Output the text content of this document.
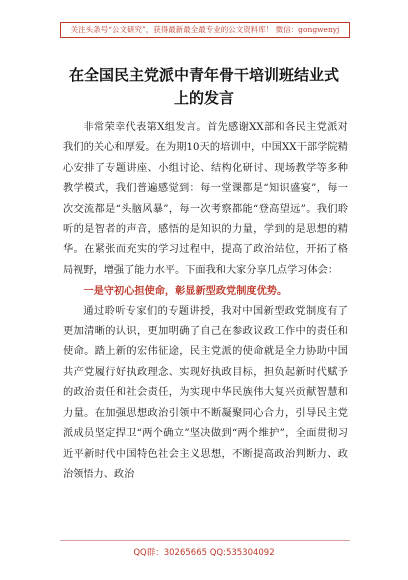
关注头条号“公文研究”，获得最新最全最专业的公文资料库！ 微信：gongwenyj
在全国民主党派中青年骨干培训班结业式
上的发言

非常荣幸代表第X组发言。首先感谢XX部和各民主党派对我们的关心和厚爱。在为期10天的培训中，中国XX干部学院精心安排了专题讲座、小组讨论、结构化研讨、现场教学等多种教学模式，我们普遍感觉到：每一堂课都是“知识盛宴”，每一次交流都是“头脑风暴”，每一次考察都能“登高望远”。我们聆听的是智者的声音，感悟的是知识的力量，学到的是思想的精华。在紧张而充实的学习过程中，提高了政治站位，开拓了格局视野，增强了能力水平。下面我和大家分享几点学习体会：

一是守初心担使命，彰显新型政党制度优势。

通过聆听专家们的专题讲授，我对中国新型政党制度有了更加清晰的认识，更加明确了自己在参政议政工作中的责任和使命。踏上新的宏伟征途，民主党派的使命就是全力协助中国共产党履行好执政理念、实现好执政目标，担负起新时代赋予的政治责任和社会责任，为实现中华民族伟大复兴贡献智慧和力量。在加强思想政治引领中不断凝聚同心合力，引导民主党派成员坚定捍卫“两个确立”坚决做到“两个维护”，全面贯彻习近平新时代中国特色社会主义思想，不断提高政治判断力、政治领悟力、政治

QQ群：30265665 QQ:535304092
